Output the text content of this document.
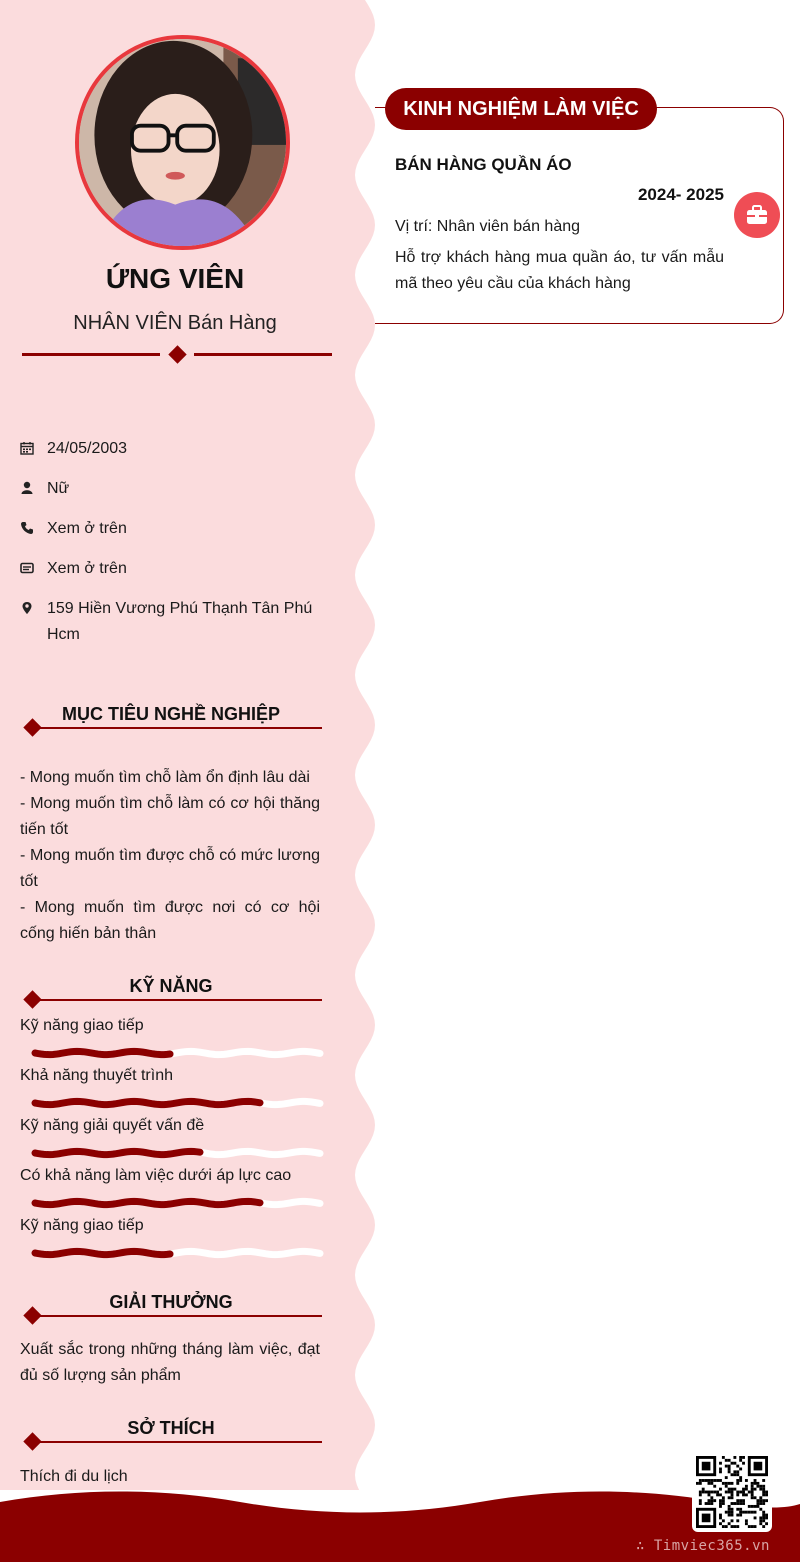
ỨNG VIÊN
NHÂN VIÊN Bán Hàng
24/05/2003
Nữ
Xem ở trên
Xem ở trên
159 Hiền Vương Phú Thạnh Tân Phú Hcm
MỤC TIÊU NGHỀ NGHIỆP
- Mong muốn tìm chỗ làm ổn định lâu dài
- Mong muốn tìm chỗ làm có cơ hội thăng tiến tốt
- Mong muốn tìm được chỗ có mức lương tốt
- Mong muốn tìm được nơi có cơ hội cống hiến bản thân
KỸ NĂNG
Kỹ năng giao tiếp
Khả năng thuyết trình
Kỹ năng giải quyết vấn đề
Có khả năng làm việc dưới áp lực cao
Kỹ năng giao tiếp
GIẢI THƯỞNG
Xuất sắc trong những tháng làm việc, đạt đủ số lượng sản phẩm
SỞ THÍCH
Thích đi du lịch
KINH NGHIỆM LÀM VIỆC
BÁN HÀNG QUẦN ÁO
2024- 2025
Vị trí: Nhân viên bán hàng
Hỗ trợ khách hàng mua quần áo, tư vấn mẫu mã theo yêu cầu của khách hàng
∴ Timviec365.vn
